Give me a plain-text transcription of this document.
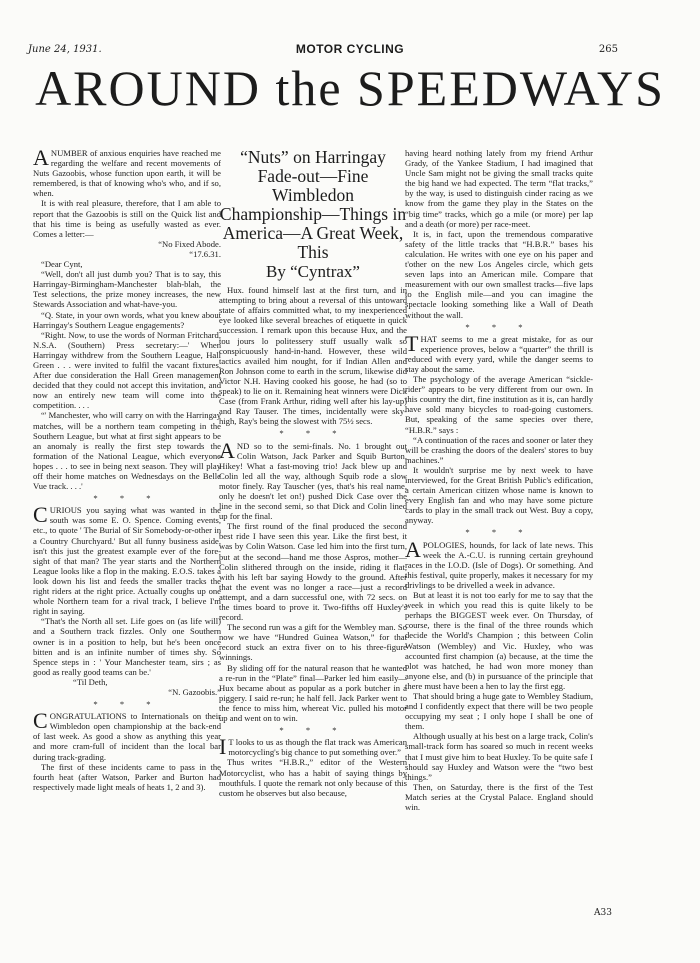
June 24, 1931.	MOTOR CYCLING	265
AROUND the SPEEDWAYS

A NUMBER of anxious enquiries have reached me regarding the welfare and recent movements of Nuts Gazoobis, whose function upon earth, it will be remembered, is that of knowing who's who, and if so, when.

It is with real pleasure, therefore, that I am able to report that the Gazoobis is still on the Quick list and that his time is being as usefully wasted as ever. Comes a letter:—

“No Fixed Abode.

“17.6.31.

“Dear Cynt,

“Well, don't all just dumb you? That is to say, this Harringay-Birmingham-Manchester blah-blah, the Test selections, the prize money increases, the new Stewards Association and what-have-you.

“Q. State, in your own words, what you knew about Harringay's Southern League engagements?

“Right. Now, to use the words of Norman Fritchard, N.S.A. (Southern) Press secretary:—' When Harringay withdrew from the Southern League, Hall Green . . . were invited to fulfil the vacant fixtures. After due consideration the Hall Green management decided that they could not accept this invitation, and now an entirely new team will come into the competition. . . .

“' Manchester, who will carry on with the Harringay matches, will be a northern team competing in the Southern League, but what at first sight appears to be an anomaly is really the first step towards the formation of the National League, which everyone hopes . . . to see in being next season. They will play off their home matches on Wednesdays on the Belle Vue track. . . .'

* * *

CURIOUS you saying what was wanted in the south was some E. O. Spence. Coming events, etc., to quote ' The Burial of Sir Somebody-or-other in a Country Churchyard.' But all funny business aside, isn't this just the greatest example ever of the fore-sight of that man? The year starts and the Northern League looks like a flop in the making. E.O.S. takes a look down his list and feeds the smaller tracks the right riders at the right price. Actually coughs up one whole Northern team for a rival track, I believe I'm right in saying.

“That's the North all set. Life goes on (as life will) and a Southern track fizzles. Only one Southern owner is in a position to help, but he's been once bitten and is an infinite number of times shy. So Spence steps in : ' Your Manchester team, sirs ; as good as really good teams can be.'

“Til Deth,

“N. Gazoobis.”

* * *

CONGRATULATIONS to Internationals on their Wimbledon open championship at the back-end of last week. As good a show as anything this year and more cram-full of incident than the local bar during track-grading.

The first of these incidents came to pass in the fourth heat (after Watson, Parker and Burton had respectively made light meals of heats 1, 2 and 3).

“Nuts” on Harringay Fade-out—Fine Wimbledon Championship—Things in America—A Great Week, This
By “Cyntrax”

Hux. found himself last at the first turn, and in attempting to bring about a reversal of this untoward state of affairs committed what, to my inexperienced eye looked like several breaches of etiquette in quick succession. I remark upon this because Hux, and the tou jours lo politessery stuff usually walk so conspicuously hand-in-hand. However, these wild tactics availed him nought, for if Indian Allen and Ron Johnson come to earth in the scrum, likewise did Victor N.H. Having cooked his goose, he had (so to speak) to lie on it. Remaining heat winners were Dick Case (from Frank Arthur, riding well after his lay-up) and Ray Tauser. The times, incidentally were sky-high, Ray's being the slowest with 75½ secs.

* * *

AND so to the semi-finals. No. 1 brought out Colin Watson, Jack Parker and Squib Burton. Hikey! What a fast-moving trio! Jack blew up and Colin led all the way, although Squib rode a slow motor finely. Ray Tauscher (yes, that's his real name, only he doesn't let on!) pushed Dick Case over the line in the second semi, so that Dick and Colin lined up for the final.

The first round of the final produced the second best ride I have seen this year. Like the first best, it was by Colin Watson. Case led him into the first turn, but at the second—hand me those Aspros, mother—Colin slithered through on the inside, riding it flat, with his left bar saying Howdy to the ground. After that the event was no longer a race—just a record attempt, and a darn successful one, with 72 secs. on the times board to prove it. Two-fifths off Huxley's record.

The second run was a gift for the Wembley man. So now we have “Hundred Guinea Watson,” for that record stuck an extra fiver on to his three-figure winnings.

By sliding off for the natural reason that he wanted a re-run in the “Plate” final—Parker led him easily—Hux became about as popular as a pork butcher in a piggery. I said re-run; he half fell. Jack Parker went to the fence to miss him, whereat Vic. pulled his motor up and went on to win.

* * *

I T looks to us as though the flat track was American motorcycling's big chance to put something over.”

Thus writes “H.B.R.,” editor of the Western Motorcyclist, who has a habit of saying things by mouthfuls. I quote the remark not only because of this custom he observes but also because,

having heard nothing lately from my friend Arthur Grady, of the Yankee Stadium, I had imagined that Uncle Sam might not be giving the small tracks quite the big hand we had expected. The term “flat tracks,” by the way, is used to distinguish cinder racing as we know from the game they play in the States on the “big time” tracks, which go a mile (or more) per lap and a death (or more) per race-meet.

It is, in fact, upon the tremendous comparative safety of the little tracks that “H.B.R.” bases his calculation. He writes with one eye on his paper and t'other on the new Los Angeles circle, which gets seven laps into an American mile. Compare that measurement with our own smallest tracks—five laps to the English mile—and you can imagine the spectacle looking something like a Wall of Death without the wall.

* * *

THAT seems to me a great mistake, for as our experience proves, below a “quarter” the thrill is reduced with every yard, while the danger seems to stay about the same.

The psychology of the average American “sickle-rider” appears to be very different from our own. In this country the dirt, fine institution as it is, can hardly have sold many bicycles to road-going customers. But, speaking of the same species over there, “H.B.R.” says :

“A continuation of the races and sooner or later they will be crashing the doors of the dealers' stores to buy machines.”

It wouldn't surprise me by next week to have interviewed, for the Great British Public's edification, a certain American citizen whose name is known to every English fan and who may have some picture cards to play in the small track out West. Buy a copy, anyway.

* * *

APOLOGIES, hounds, for lack of late news. This week the A.-C.U. is running certain greyhound races in the I.O.D. (Isle of Dogs). Or something. And this festival, quite properly, makes it necessary for my drivlings to be drivelled a week in advance.

But at least it is not too early for me to say that the week in which you read this is quite likely to be perhaps the BIGGEST week ever. On Thursday, of course, there is the final of the three rounds which decide the World's Champion ; this between Colin Watson (Wembley) and Vic. Huxley, who was accounted first champion (a) because, at the time the plot was hatched, he had won more money than anyone else, and (b) in pursuance of the principle that there must have been a hen to lay the first egg.

That should bring a huge gate to Wembley Stadium, and I confidently expect that there will be two people occupying my seat ; I only hope I shall be one of them.

Although usually at his best on a large track, Colin's small-track form has soared so much in recent weeks that I must give him to beat Huxley. To be quite safe I should say Huxley and Watson were the “two best things.”

Then, on Saturday, there is the first of the Test Match series at the Crystal Palace. England should win.

A33
